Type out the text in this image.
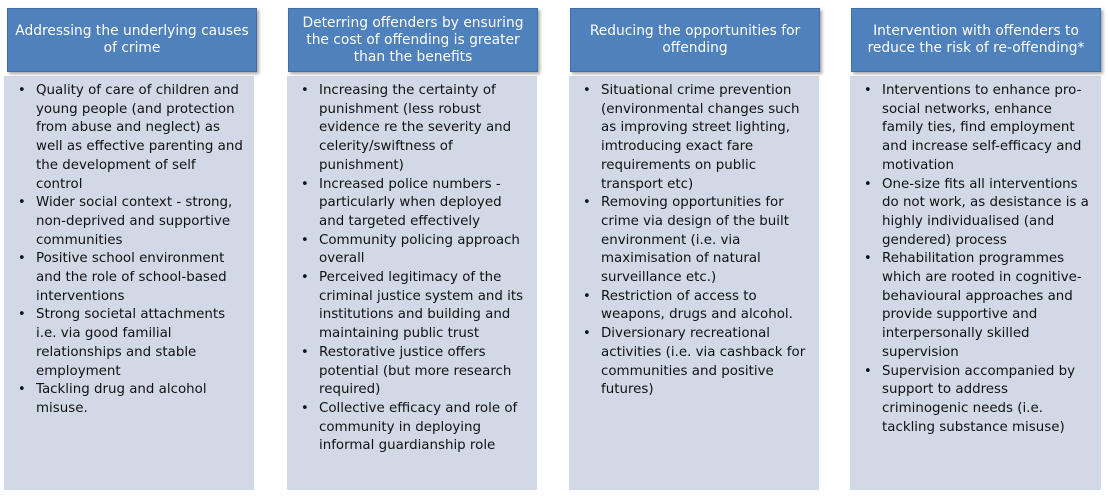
Addressing the underlying causes of crime
• Quality of care of children and young people (and protection from abuse and neglect) as well as effective parenting and the development of self control
• Wider social context - strong, non-deprived and supportive communities
• Positive school environment and the role of school-based interventions
• Strong societal attachments i.e. via good familial relationships and stable employment
• Tackling drug and alcohol misuse.
Deterring offenders by ensuring the cost of offending is greater than the benefits
• Increasing the certainty of punishment (less robust evidence re the severity and celerity/swiftness of punishment)
• Increased police numbers - particularly when deployed and targeted effectively
• Community policing approach overall
• Perceived legitimacy of the criminal justice system and its institutions and building and maintaining public trust
• Restorative justice offers potential (but more research required)
• Collective efficacy and role of community in deploying informal guardianship role
Reducing the opportunities for offending
• Situational crime prevention (environmental changes such as improving street lighting, imtroducing exact fare requirements on public transport etc)
• Removing opportunities for crime via design of the built environment (i.e. via maximisation of natural surveillance etc.)
• Restriction of access to weapons, drugs and alcohol.
• Diversionary recreational activities (i.e. via cashback for communities and positive futures)
Intervention with offenders to reduce the risk of re-offending*
• Interventions to enhance pro-social networks, enhance family ties, find employment and increase self-efficacy and motivation
• One-size fits all interventions do not work, as desistance is a highly individualised (and gendered) process
• Rehabilitation programmes which are rooted in cognitive-behavioural approaches and provide supportive and interpersonally skilled supervision
• Supervision accompanied by support to address criminogenic needs (i.e. tackling substance misuse)
